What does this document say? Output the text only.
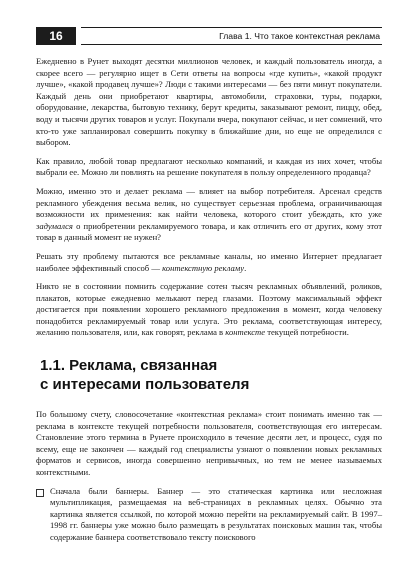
16	Глава 1. Что такое контекстная реклама

Ежедневно в Рунет выходят десятки миллионов человек, и каждый пользователь иногда, а скорее всего — регулярно ищет в Сети ответы на вопросы «где купить», «какой продукт лучше», «какой продавец лучше»? Люди с такими интересами — без пяти минут покупатели. Каждый день они приобретают квартиры, автомобили, страховки, туры, подарки, оборудование, лекарства, бытовую технику, берут кредиты, заказывают ремонт, пиццу, обед, воду и тысячи других товаров и услуг. Покупали вчера, покупают сейчас, и нет сомнений, что кто-то уже запланировал совершить покупку в ближайшие дни, но еще не определился с выбором.

Как правило, любой товар предлагают несколько компаний, и каждая из них хочет, чтобы выбрали ее. Можно ли повлиять на решение покупателя в пользу определенного продавца?

Можно, именно это и делает реклама — влияет на выбор потребителя. Арсенал средств рекламного убеждения весьма велик, но существует серьезная проблема, ограничивающая возможности их применения: как найти человека, которого стоит убеждать, кто уже задумался о приобретении рекламируемого товара, и как отличить его от других, кому этот товар в данный момент не нужен?

Решать эту проблему пытаются все рекламные каналы, но именно Интернет предлагает наиболее эффективный способ — контекстную рекламу.

Никто не в состоянии помнить содержание сотен тысяч рекламных объявлений, роликов, плакатов, которые ежедневно мелькают перед глазами. Поэтому максимальный эффект достигается при появлении хорошего рекламного предложения в момент, когда человеку понадобится рекламируемый товар или услуга. Это реклама, соответствующая интересу, желанию пользователя, или, как говорят, реклама в контексте текущей потребности.

1.1. Реклама, связанная
с интересами пользователя

По большому счету, словосочетание «контекстная реклама» стоит понимать именно так — реклама в контексте текущей потребности пользователя, соответствующая его интересам. Становление этого термина в Рунете происходило в течение десяти лет, и процесс, судя по всему, еще не закончен — каждый год специалисты узнают о появлении новых рекламных форматов и сервисов, иногда совершенно непривычных, но тем не менее называемых контекстными.

Сначала были баннеры. Баннер — это статическая картинка или несложная мультипликация, размещаемая на веб-страницах в рекламных целях. Обычно эта картинка является ссылкой, по которой можно перейти на рекламируемый сайт. В 1997–1998 гг. баннеры уже можно было размещать в результатах поисковых машин так, чтобы содержание баннера соответствовало тексту поискового
